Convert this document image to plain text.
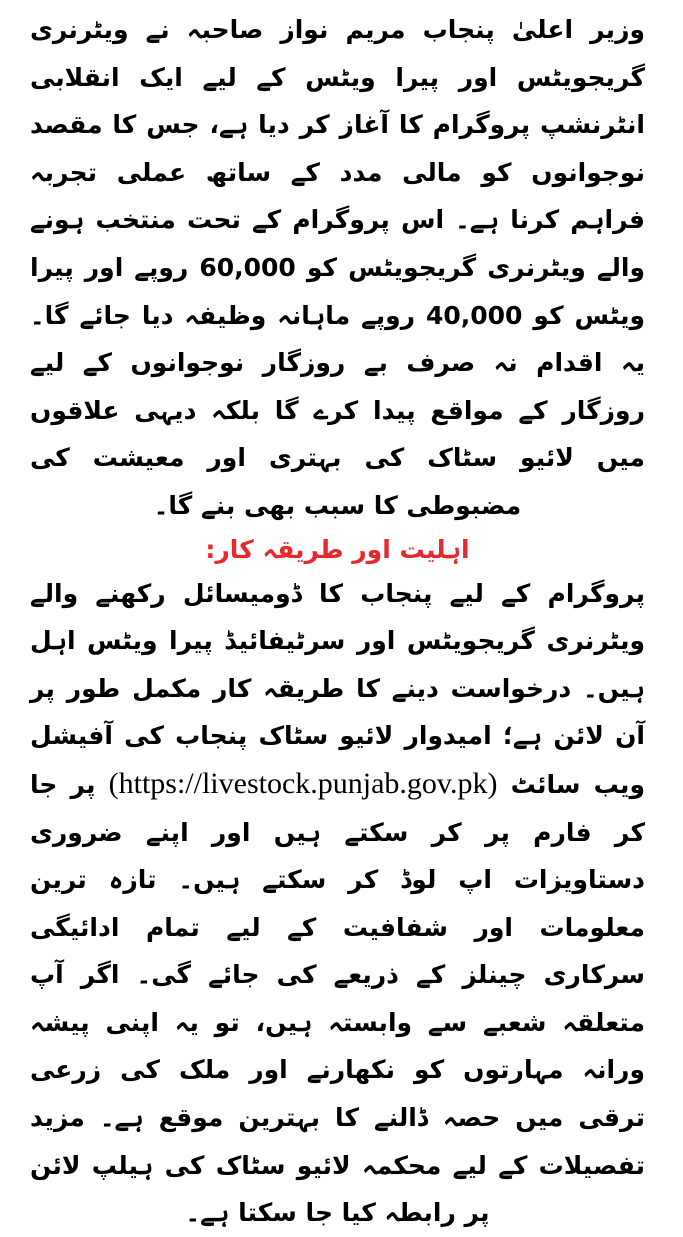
وزیر اعلیٰ پنجاب مریم نواز صاحبہ نے ویٹرنری گریجویٹس اور پیرا ویٹس کے لیے ایک انقلابی انٹرنشپ پروگرام کا آغاز کر دیا ہے، جس کا مقصد نوجوانوں کو مالی مدد کے ساتھ عملی تجربہ فراہم کرنا ہے۔ اس پروگرام کے تحت منتخب ہونے والے ویٹرنری گریجویٹس کو 60,000 روپے اور پیرا ویٹس کو 40,000 روپے ماہانہ وظیفہ دیا جائے گا۔ یہ اقدام نہ صرف بے روزگار نوجوانوں کے لیے روزگار کے مواقع پیدا کرے گا بلکہ دیہی علاقوں میں لائیو سٹاک کی بہتری اور معیشت کی مضبوطی کا سبب بھی بنے گا۔

اہلیت اور طریقہ کار:

پروگرام کے لیے پنجاب کا ڈومیسائل رکھنے والے ویٹرنری گریجویٹس اور سرٹیفائیڈ پیرا ویٹس اہل ہیں۔ درخواست دینے کا طریقہ کار مکمل طور پر آن لائن ہے؛ امیدوار لائیو سٹاک پنجاب کی آفیشل ویب سائٹ (https://livestock.punjab.gov.pk) پر جا کر فارم پر کر سکتے ہیں اور اپنے ضروری دستاویزات اپ لوڈ کر سکتے ہیں۔ تازہ ترین معلومات اور شفافیت کے لیے تمام ادائیگی سرکاری چینلز کے ذریعے کی جائے گی۔ اگر آپ متعلقہ شعبے سے وابستہ ہیں، تو یہ اپنی پیشہ ورانہ مہارتوں کو نکھارنے اور ملک کی زرعی ترقی میں حصہ ڈالنے کا بہترین موقع ہے۔ مزید تفصیلات کے لیے محکمہ لائیو سٹاک کی ہیلپ لائن پر رابطہ کیا جا سکتا ہے۔
